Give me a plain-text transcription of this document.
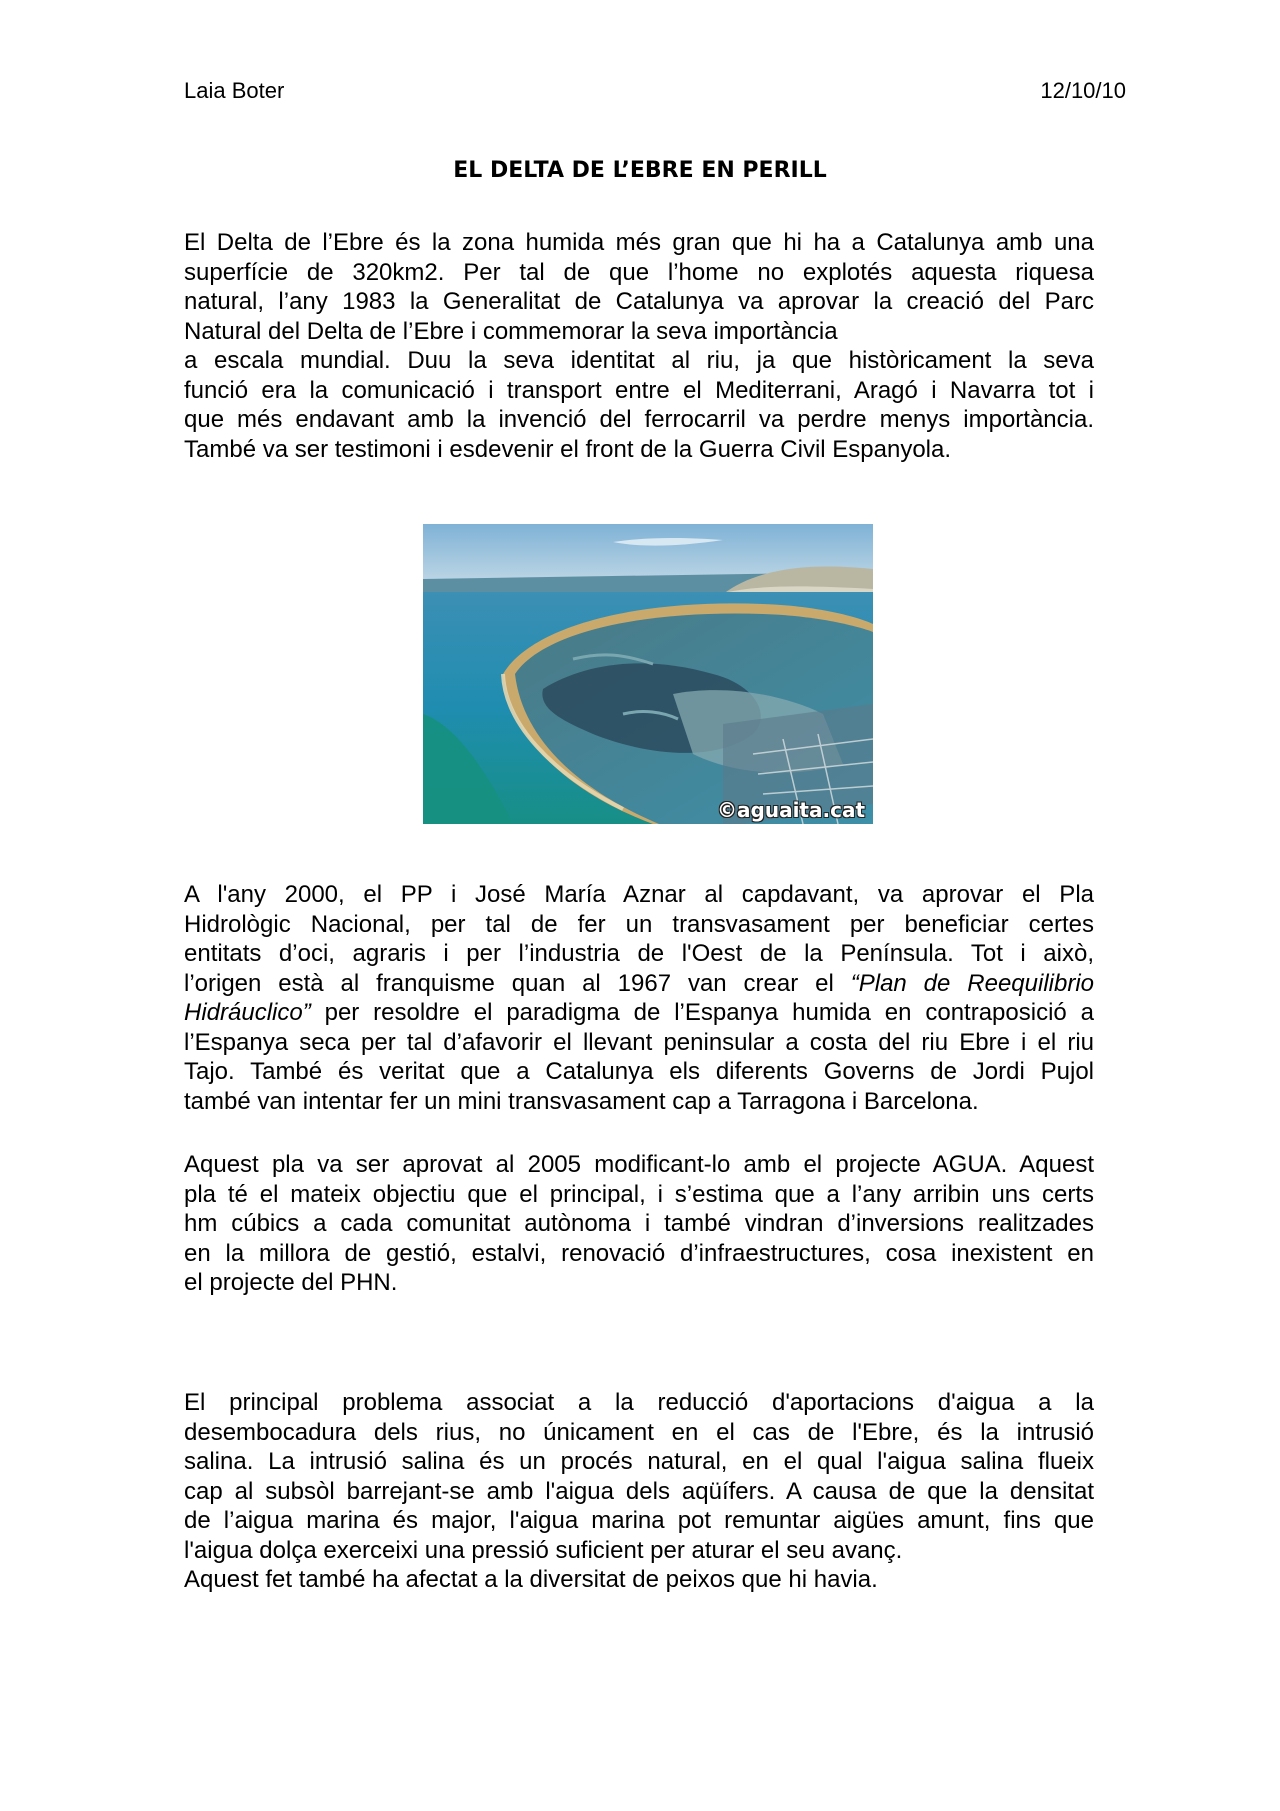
Laia Boter	12/10/10
EL DELTA DE L’EBRE EN PERILL

El Delta de l’Ebre és la zona humida més gran que hi ha a Catalunya amb una
superfície de 320km2. Per tal de que l’home no explotés aquesta riquesa
natural, l’any 1983 la Generalitat de Catalunya va aprovar la creació del Parc
Natural del Delta de l’Ebre i commemorar la seva importància
a escala mundial. Duu la seva identitat al riu, ja que històricament la seva
funció era la comunicació i transport entre el Mediterrani, Aragó i Navarra tot i
que més endavant amb la invenció del ferrocarril va perdre menys importància.
També va ser testimoni i esdevenir el front de la Guerra Civil Espanyola.

©aguaita.cat

A l'any 2000, el PP i José María Aznar al capdavant, va aprovar el Pla
Hidrològic Nacional, per tal de fer un transvasament per beneficiar certes
entitats d’oci, agraris i per l’industria de l'Oest de la Península. Tot i això,
l’origen està al franquisme quan al 1967 van crear el “Plan de Reequilibrio
Hidráuclico” per resoldre el paradigma de l’Espanya humida en contraposició a
l’Espanya seca per tal d’afavorir el llevant peninsular a costa del riu Ebre i el riu
Tajo. També és veritat que a Catalunya els diferents Governs de Jordi Pujol
també van intentar fer un mini transvasament cap a Tarragona i Barcelona.

Aquest pla va ser aprovat al 2005 modificant-lo amb el projecte AGUA. Aquest
pla té el mateix objectiu que el principal, i s’estima que a l’any arribin uns certs
hm cúbics a cada comunitat autònoma i també vindran d’inversions realitzades
en la millora de gestió, estalvi, renovació d’infraestructures, cosa inexistent en
el projecte del PHN.

El principal problema associat a la reducció d'aportacions d'aigua a la
desembocadura dels rius, no únicament en el cas de l'Ebre, és la intrusió
salina. La intrusió salina és un procés natural, en el qual l'aigua salina flueix
cap al subsòl barrejant-se amb l'aigua dels aqüífers. A causa de que la densitat
de l’aigua marina és major, l'aigua marina pot remuntar aigües amunt, fins que
l'aigua dolça exerceixi una pressió suficient per aturar el seu avanç.
Aquest fet també ha afectat a la diversitat de peixos que hi havia.
